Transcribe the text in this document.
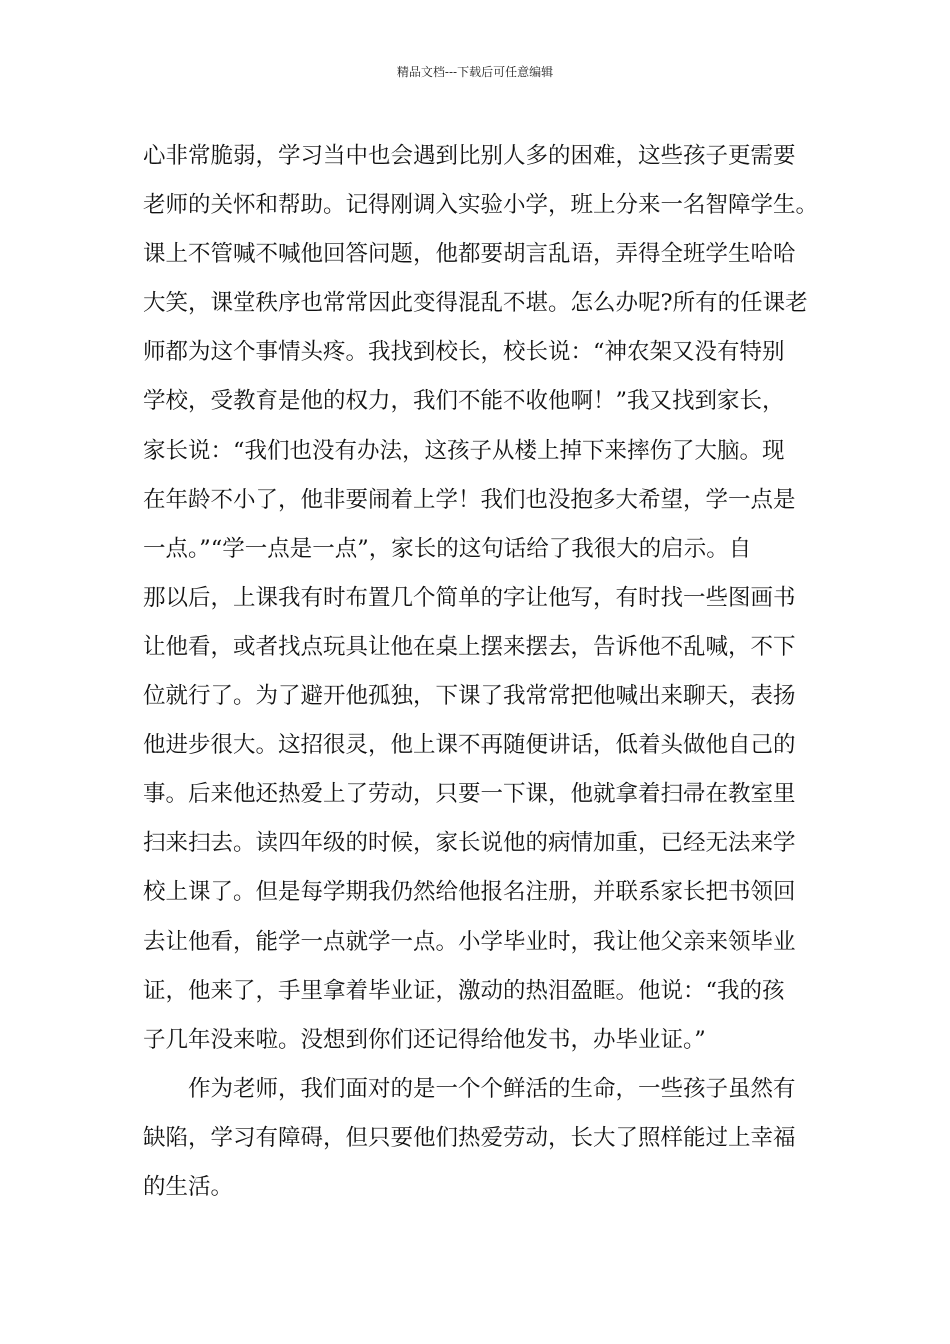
精品文档---下载后可任意编辑
心非常脆弱，学习当中也会遇到比别人多的困难，这些孩子更需要
老师的关怀和帮助。记得刚调入实验小学，班上分来一名智障学生。
课上不管喊不喊他回答问题，他都要胡言乱语，弄得全班学生哈哈
大笑，课堂秩序也常常因此变得混乱不堪。怎么办呢?所有的任课老
师都为这个事情头疼。我找到校长，校长说：“神农架又没有特别
学校，受教育是他的权力，我们不能不收他啊！”我又找到家长，
家长说：“我们也没有办法，这孩子从楼上掉下来摔伤了大脑。现
在年龄不小了，他非要闹着上学！我们也没抱多大希望，学一点是
一点。”“学一点是一点”，家长的这句话给了我很大的启示。自
那以后，上课我有时布置几个简单的字让他写，有时找一些图画书
让他看，或者找点玩具让他在桌上摆来摆去，告诉他不乱喊，不下
位就行了。为了避开他孤独，下课了我常常把他喊出来聊天，表扬
他进步很大。这招很灵，他上课不再随便讲话，低着头做他自己的
事。后来他还热爱上了劳动，只要一下课，他就拿着扫帚在教室里
扫来扫去。读四年级的时候，家长说他的病情加重，已经无法来学
校上课了。但是每学期我仍然给他报名注册，并联系家长把书领回
去让他看，能学一点就学一点。小学毕业时，我让他父亲来领毕业
证，他来了，手里拿着毕业证，激动的热泪盈眶。他说：“我的孩
子几年没来啦。没想到你们还记得给他发书，办毕业证。”
作为老师，我们面对的是一个个鲜活的生命，一些孩子虽然有
缺陷，学习有障碍，但只要他们热爱劳动，长大了照样能过上幸福
的生活。
